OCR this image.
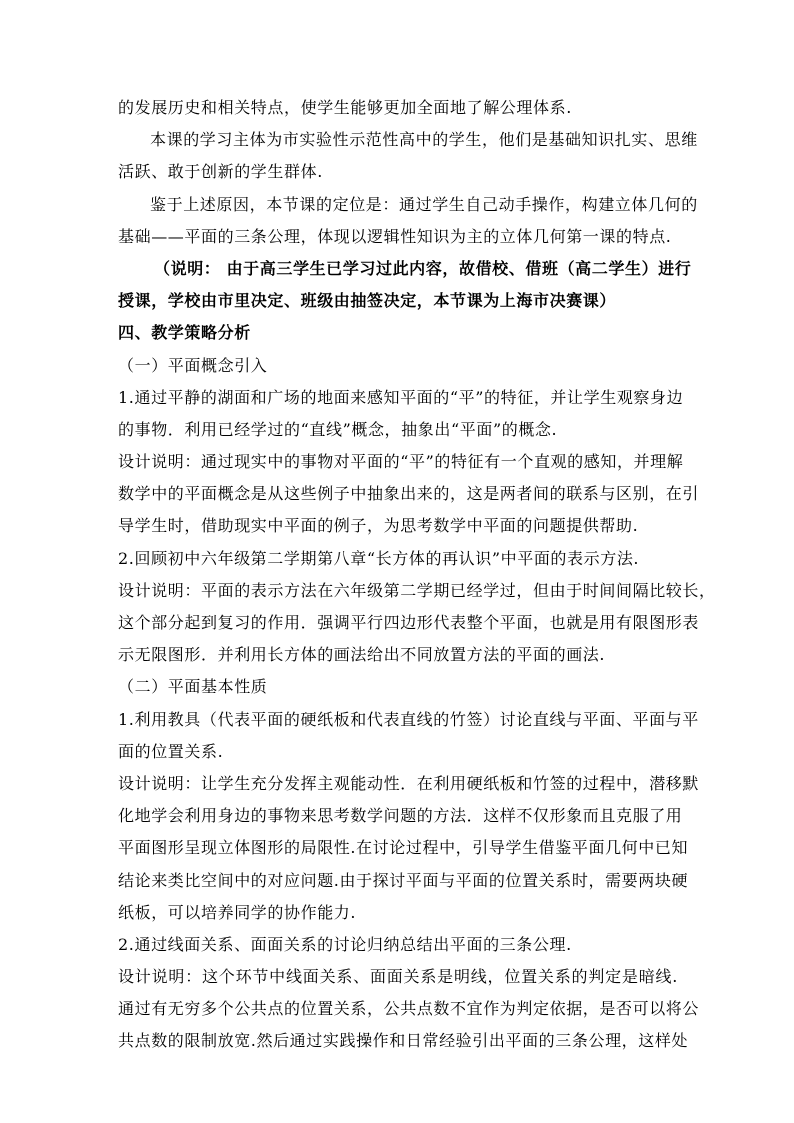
的发展历史和相关特点，使学生能够更加全面地了解公理体系.
本课的学习主体为市实验性示范性高中的学生，他们是基础知识扎实、思维
活跃、敢于创新的学生群体.
鉴于上述原因，本节课的定位是：通过学生自己动手操作，构建立体几何的
基础——平面的三条公理，体现以逻辑性知识为主的立体几何第一课的特点.
（说明： 由于高三学生已学习过此内容，故借校、借班（高二学生）进行
授课，学校由市里决定、班级由抽签决定，本节课为上海市决赛课）
四、教学策略分析
（一）平面概念引入
1.通过平静的湖面和广场的地面来感知平面的“平”的特征，并让学生观察身边
的事物．利用已经学过的“直线”概念，抽象出“平面”的概念.
设计说明：通过现实中的事物对平面的“平”的特征有一个直观的感知，并理解
数学中的平面概念是从这些例子中抽象出来的，这是两者间的联系与区别，在引
导学生时，借助现实中平面的例子，为思考数学中平面的问题提供帮助.
2.回顾初中六年级第二学期第八章“长方体的再认识”中平面的表示方法.
设计说明：平面的表示方法在六年级第二学期已经学过，但由于时间间隔比较长，
这个部分起到复习的作用．强调平行四边形代表整个平面，也就是用有限图形表
示无限图形．并利用长方体的画法给出不同放置方法的平面的画法.
（二）平面基本性质
1.利用教具（代表平面的硬纸板和代表直线的竹签）讨论直线与平面、平面与平
面的位置关系.
设计说明：让学生充分发挥主观能动性．在利用硬纸板和竹签的过程中，潜移默
化地学会利用身边的事物来思考数学问题的方法．这样不仅形象而且克服了用
平面图形呈现立体图形的局限性.在讨论过程中，引导学生借鉴平面几何中已知
结论来类比空间中的对应问题.由于探讨平面与平面的位置关系时，需要两块硬
纸板，可以培养同学的协作能力.
2.通过线面关系、面面关系的讨论归纳总结出平面的三条公理.
设计说明：这个环节中线面关系、面面关系是明线，位置关系的判定是暗线.
通过有无穷多个公共点的位置关系，公共点数不宜作为判定依据，是否可以将公
共点数的限制放宽.然后通过实践操作和日常经验引出平面的三条公理，这样处
